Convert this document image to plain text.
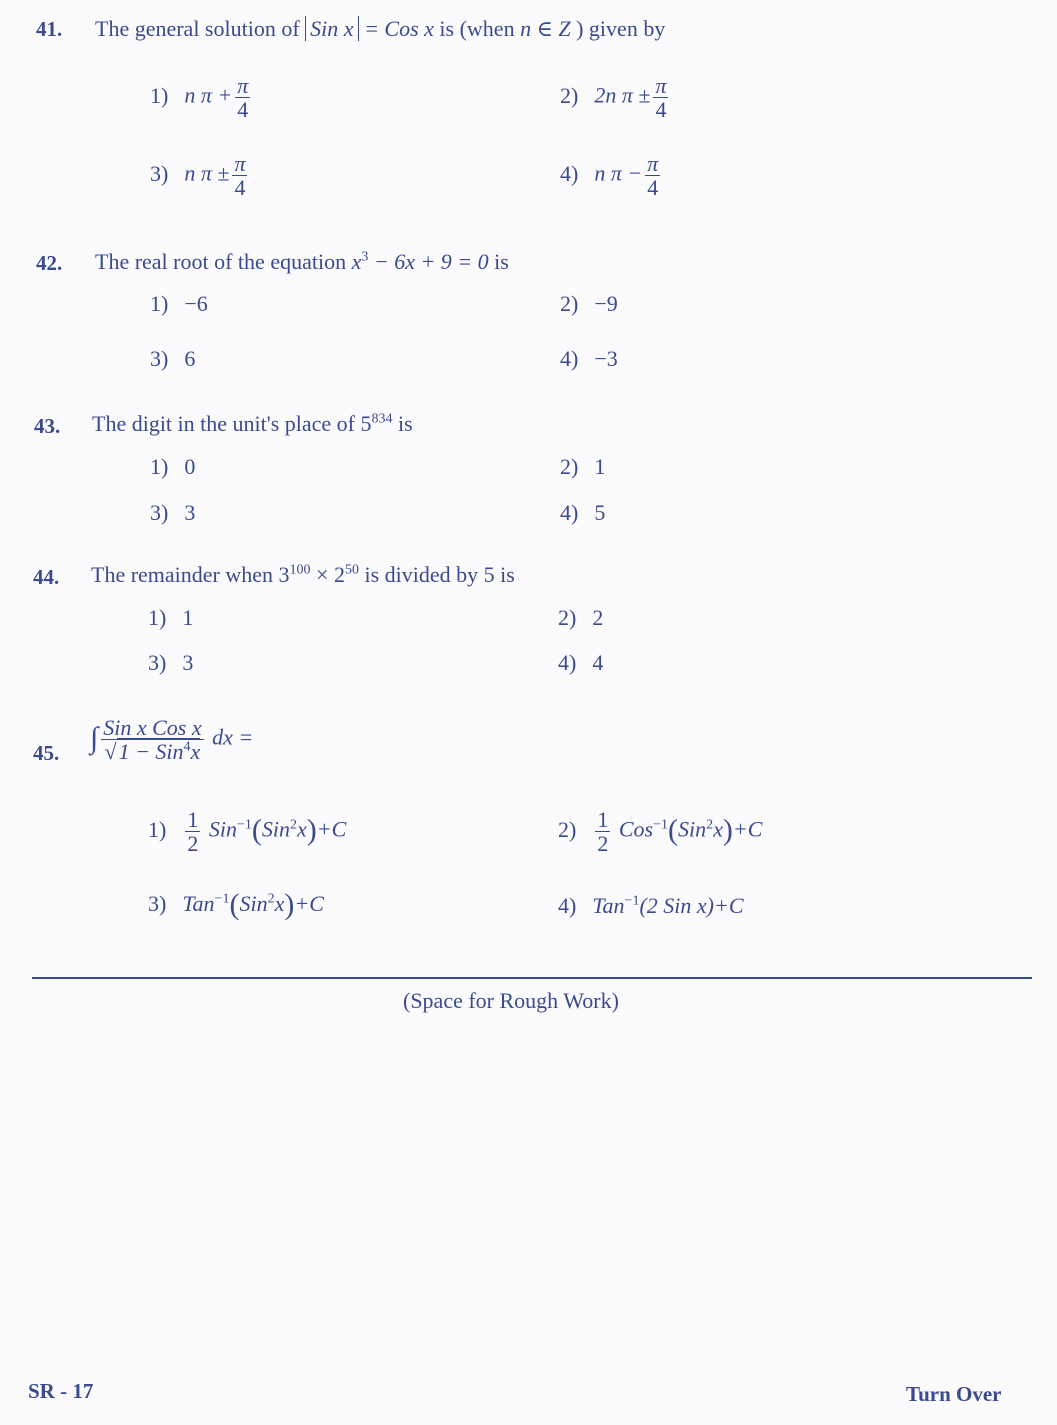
41. The general solution of Sin x = Cos x is (when n ∈ Z ) given by
1) n $\pi + \frac{\pi}{4}$	2) 2n $\pi \pm \frac{\pi}{4}$
3) n $\pi \pm \frac{\pi}{4}$	4) n $\pi - \frac{\pi}{4}$
42. The real root of the equation $x^3 - 6x + 9 = 0$ is
1) −6	2) −9
3) 6	4) −3
43. The digit in the unit's place of $5^{834}$ is
1) 0	2) 1
3) 3	4) 5
44. The remainder when $3^{100} \times 2^{50}$ is divided by 5 is
1) 1	2) 2
3) 3	4) 4
45. ∫ $\frac{\text{Sin x Cos x}}{√1 - Sin^4x}$ dx =
$1) \frac{1}{2} Sin^{-1}(Sin^2x)+C$	$2) \frac{1}{2} Cos^{-1}(Sin^2x)+C$
3) Tan$^{-1}$(Sin$^2$x)+C	4) Tan$^{-1}$(2 Sin x)+C
(Space for Rough Work)
SR - 17	Turn Over
